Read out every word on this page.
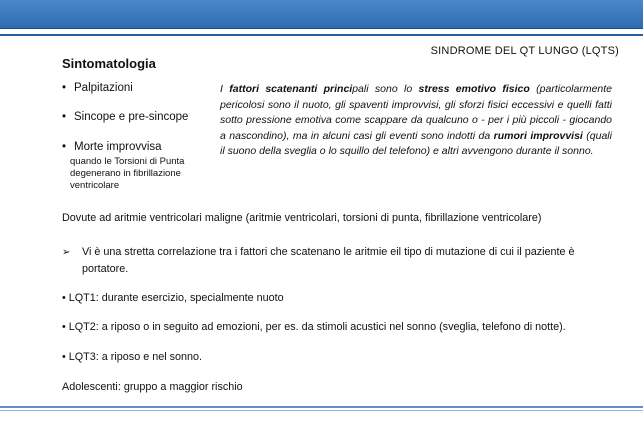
SINDROME DEL QT LUNGO (LQTS)
Sintomatologia
• Palpitazioni
• Sincope e pre-sincope
• Morte improvvisa
quando le Torsioni di Punta
degenerano in fibrillazione
ventricolare
I fattori scatenanti principali sono lo stress emotivo fisico (particolarmente pericolosi sono il nuoto, gli spaventi improvvisi, gli sforzi fisici eccessivi e quelli fatti sotto pressione emotiva come scappare da qualcuno o - per i più piccoli - giocando a nascondino), ma in alcuni casi gli eventi sono indotti da rumori improvvisi (quali il suono della sveglia o lo squillo del telefono) e altri avvengono durante il sonno.
Dovute ad aritmie ventricolari maligne (aritmie ventricolari, torsioni di punta, fibrillazione ventricolare)
➢	Vi è una stretta correlazione tra i fattori che scatenano le aritmie eil tipo di mutazione di cui il paziente è portatore.
• LQT1: durante esercizio, specialmente nuoto
• LQT2: a riposo o in seguito ad emozioni, per es. da stimoli acustici nel sonno (sveglia, telefono di notte).
• LQT3: a riposo e nel sonno.
Adolescenti: gruppo a maggior rischio
